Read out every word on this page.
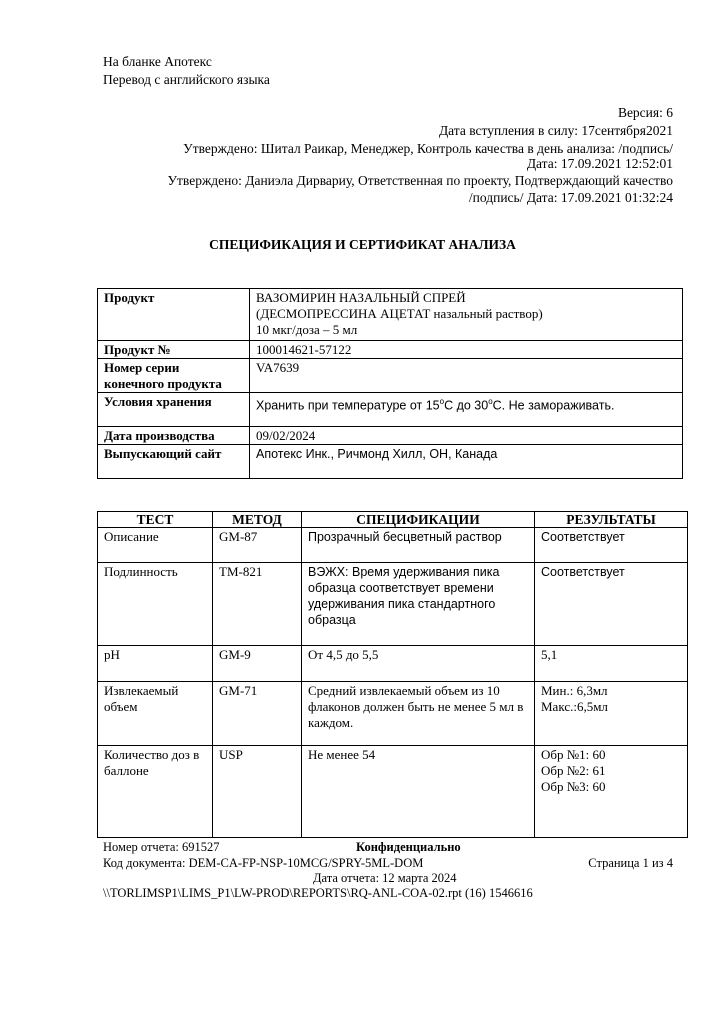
На бланке Апотекс
Перевод с английского языка
Версия: 6
Дата вступления в силу: 17сентября2021
Утверждено: Шитал Раикар, Менеджер, Контроль качества в день анализа: /подпись/
Дата: 17.09.2021 12:52:01
Утверждено: Даниэла Дирвариу, Ответственная по проекту, Подтверждающий качество
/подпись/ Дата: 17.09.2021 01:32:24
СПЕЦИФИКАЦИЯ И СЕРТИФИКАТ АНАЛИЗА
Продукт	ВАЗОМИРИН НАЗАЛЬНЫЙ СПРЕЙ
(ДЕСМОПРЕССИНА АЦЕТАТ назальный раствор)
10 мкг/доза – 5 мл

Продукт №	100014621-57122

Номер серии
конечного продукта	VA7639
Условия хранения	Хранить при температуре от 15$^o$С до 30$^o$С. Не замораживать.
Дата производства	09/02/2024
Выпускающий сайт	Апотекс Инк., Ричмонд Хилл, ОН, Канада
ТЕСТ	МЕТОД	СПЕЦИФИКАЦИИ	РЕЗУЛЬТАТЫ
Описание	GM-87	Прозрачный бесцветный раствор	Соответствует

Подлинность	TM-821	ВЭЖХ: Время удерживания пика образца соответствует времени удерживания пика стандартного образца	Соответствует

pH	GM-9	От 4,5 до 5,5	5,1

Извлекаемый объем	GM-71	Средний извлекаемый объем из 10 флаконов должен быть не менее 5 мл в каждом.	Мин.: 6,3мл
Макс.:6,5мл

Количество доз в баллоне	USP	Не менее 54	Обр №1: 60
Обр №2: 61
Обр №3: 60
Номер отчета: 691527	Конфиденциально
Код документа: DEM-CA-FP-NSP-10MCG/SPRY-5ML-DOM	Страница 1 из 4
Дата отчета: 12 марта 2024
\\TORLIMSP1\LIMS_P1\LW-PROD\REPORTS\RQ-ANL-COA-02.rpt (16) 1546616
